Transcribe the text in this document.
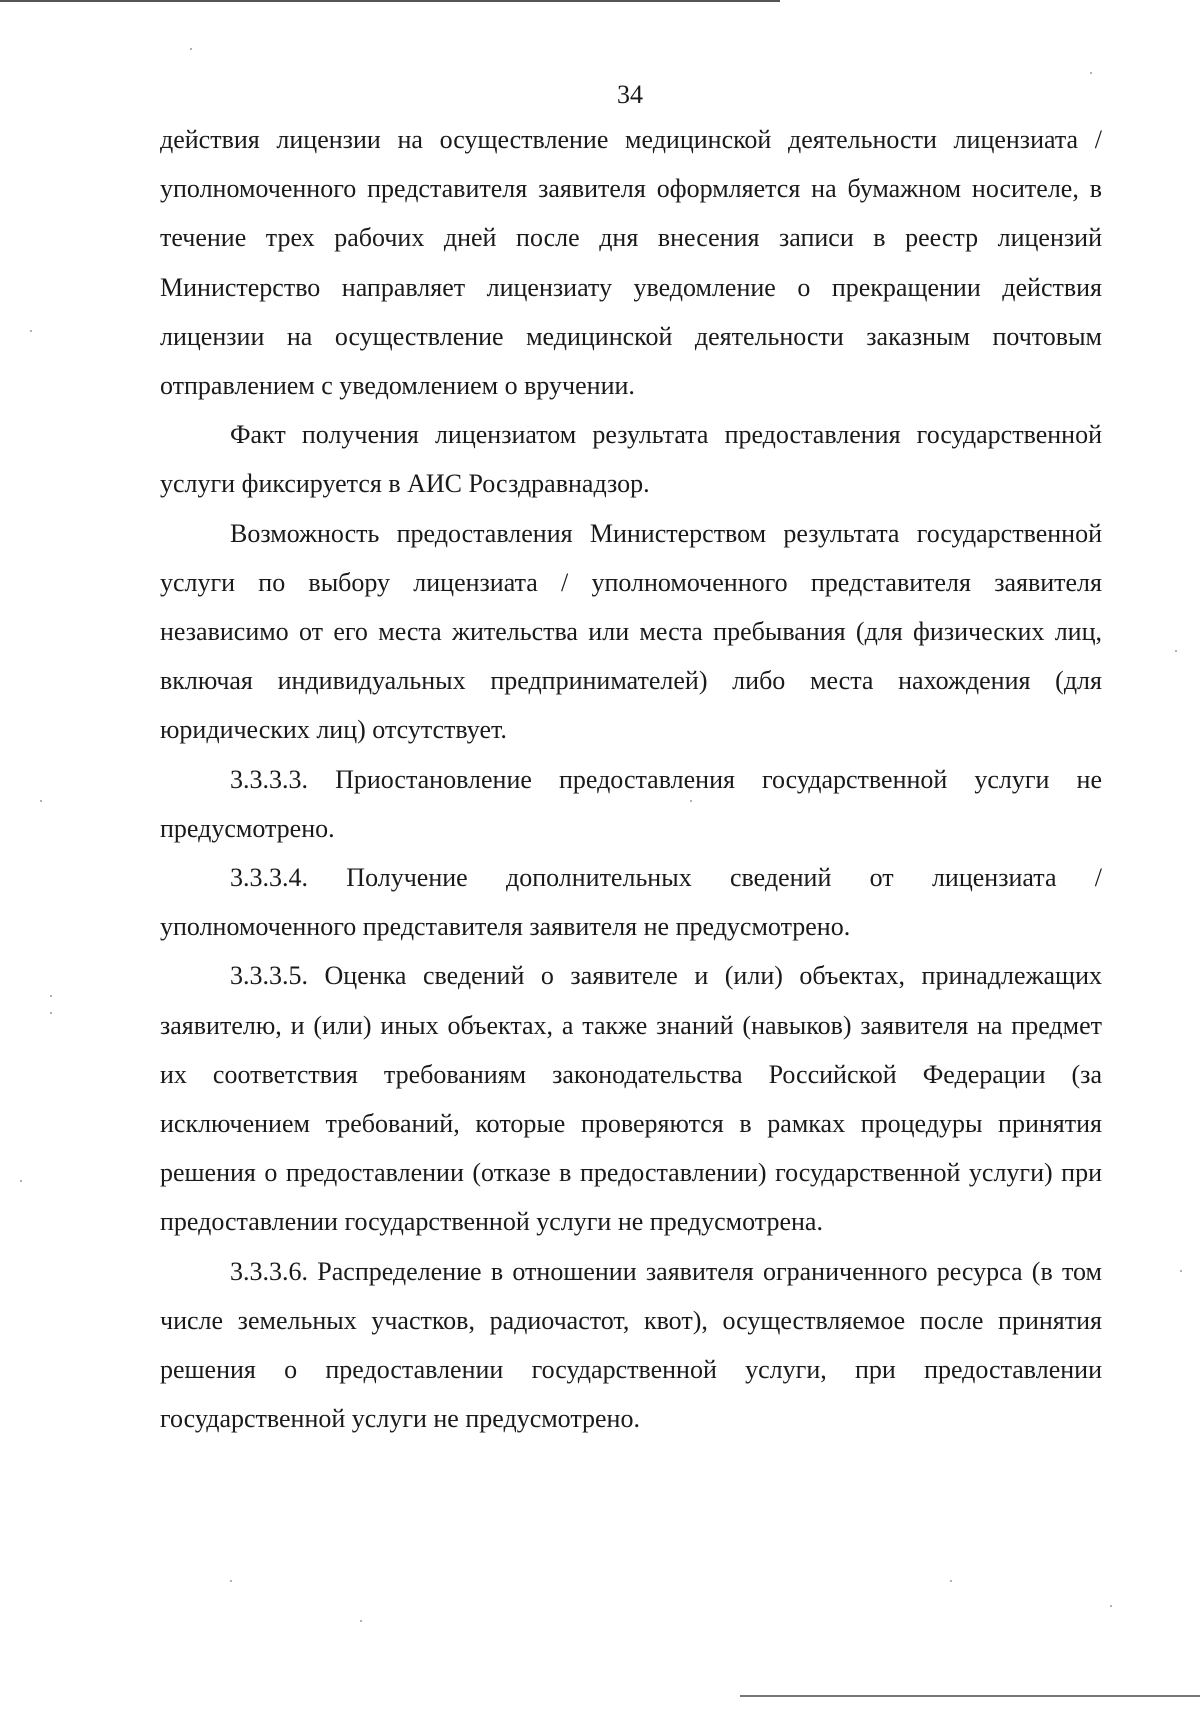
34

действия лицензии на осуществление медицинской деятельности лицензиата / уполномоченного представителя заявителя оформляется на бумажном носителе, в течение трех рабочих дней после дня внесения записи в реестр лицензий Министерство направляет лицензиату уведомление о прекращении действия лицензии на осуществление медицинской деятельности заказным почтовым отправлением с уведомлением о вручении.

Факт получения лицензиатом результата предоставления государственной услуги фиксируется в АИС Росздравнадзор.

Возможность предоставления Министерством результата государственной услуги по выбору лицензиата / уполномоченного представителя заявителя независимо от его места жительства или места пребывания (для физических лиц, включая индивидуальных предпринимателей) либо места нахождения (для юридических лиц) отсутствует.

3.3.3.3. Приостановление предоставления государственной услуги не предусмотрено.

3.3.3.4. Получение дополнительных сведений от лицензиата / уполномоченного представителя заявителя не предусмотрено.

3.3.3.5. Оценка сведений о заявителе и (или) объектах, принадлежащих заявителю, и (или) иных объектах, а также знаний (навыков) заявителя на предмет их соответствия требованиям законодательства Российской Федерации (за исключением требований, которые проверяются в рамках процедуры принятия решения о предоставлении (отказе в предоставлении) государственной услуги) при предоставлении государственной услуги не предусмотрена.

3.3.3.6. Распределение в отношении заявителя ограниченного ресурса (в том числе земельных участков, радиочастот, квот), осуществляемое после принятия решения о предоставлении государственной услуги, при предоставлении государственной услуги не предусмотрено.
